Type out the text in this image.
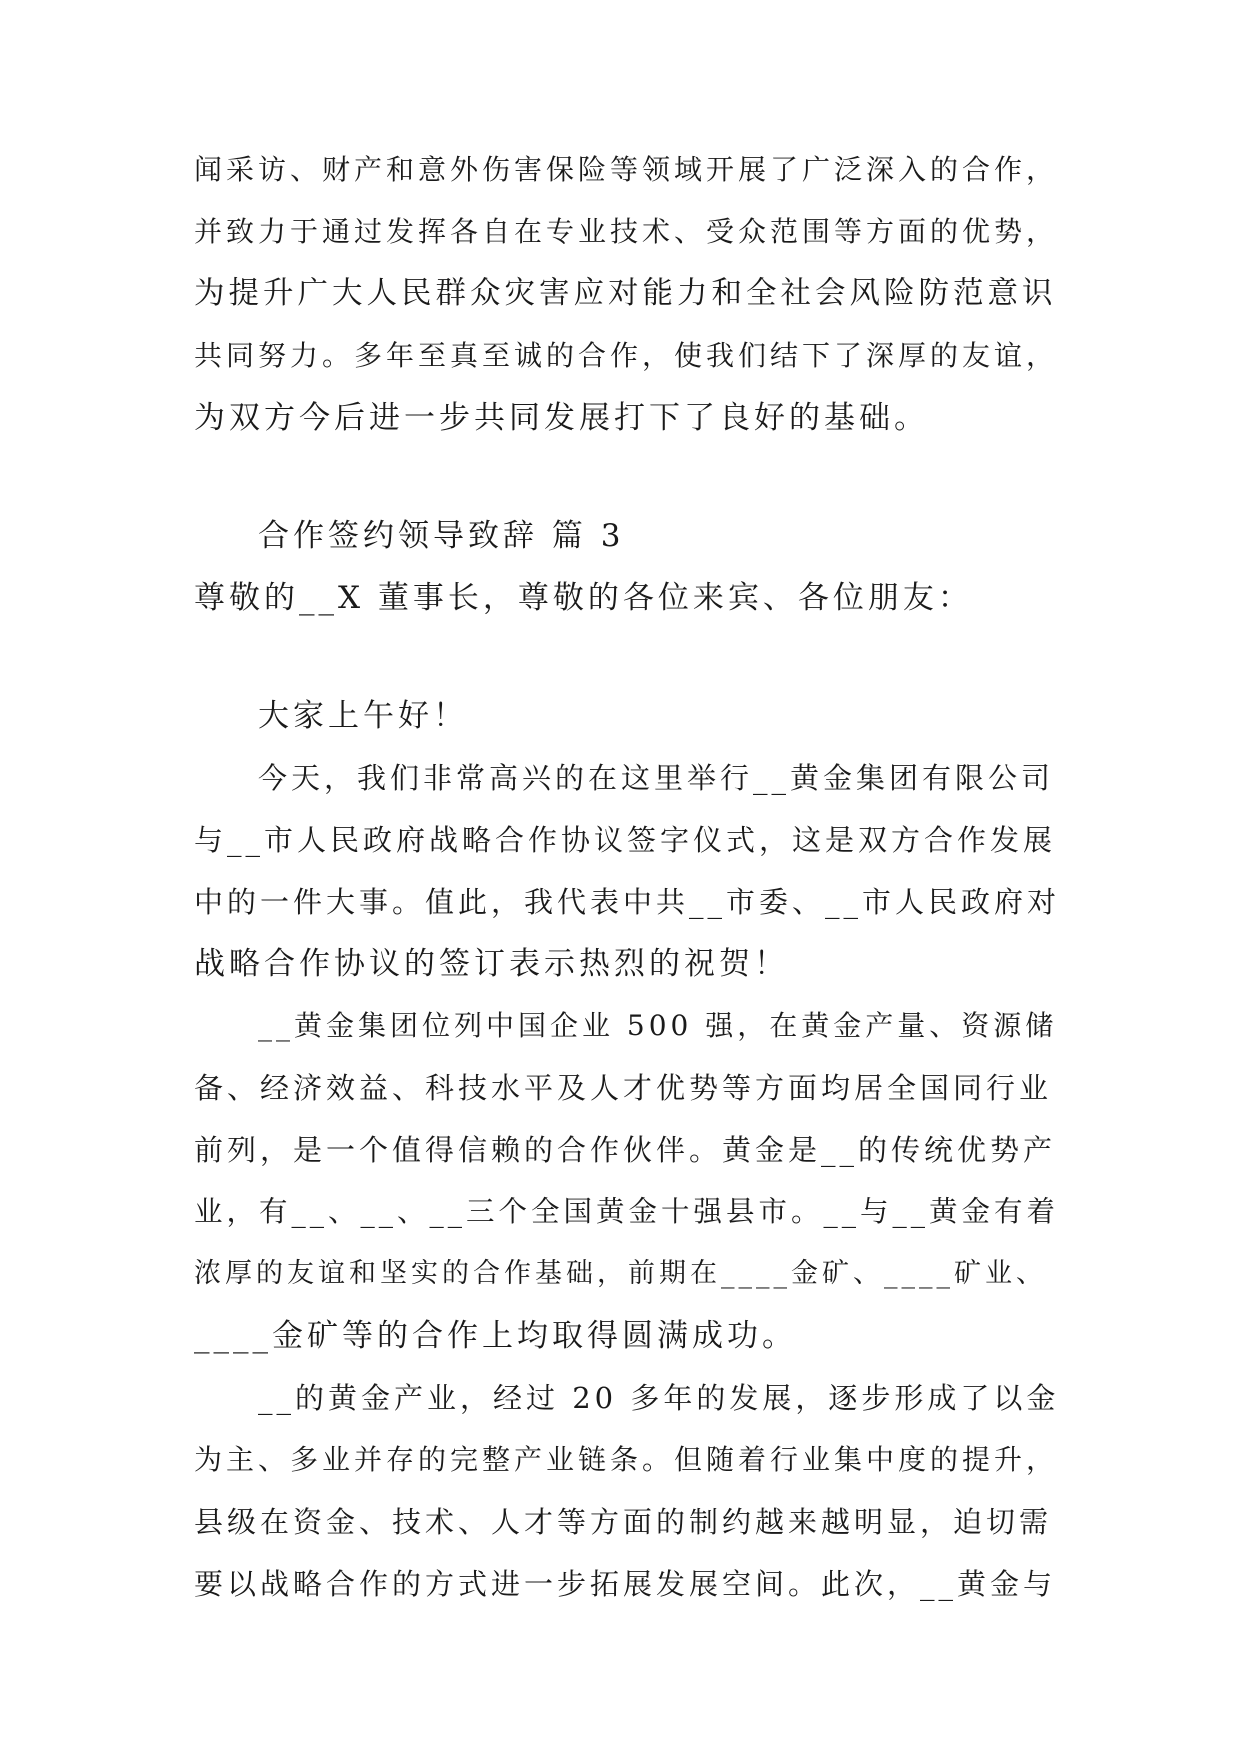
闻采访、财产和意外伤害保险等领域开展了广泛深入的合作，
并致力于通过发挥各自在专业技术、受众范围等方面的优势，
为提升广大人民群众灾害应对能力和全社会风险防范意识
共同努力。多年至真至诚的合作，使我们结下了深厚的友谊，
为双方今后进一步共同发展打下了良好的基础。
合作签约领导致辞 篇 3
尊敬的__X 董事长，尊敬的各位来宾、各位朋友：
大家上午好！
今天，我们非常高兴的在这里举行__黄金集团有限公司
与__市人民政府战略合作协议签字仪式，这是双方合作发展
中的一件大事。值此，我代表中共__市委、__市人民政府对
战略合作协议的签订表示热烈的祝贺！
__黄金集团位列中国企业 500 强，在黄金产量、资源储
备、经济效益、科技水平及人才优势等方面均居全国同行业
前列，是一个值得信赖的合作伙伴。黄金是__的传统优势产
业，有__、__、__三个全国黄金十强县市。__与__黄金有着
浓厚的友谊和坚实的合作基础，前期在____金矿、____矿业、
____金矿等的合作上均取得圆满成功。
__的黄金产业，经过 20 多年的发展，逐步形成了以金
为主、多业并存的完整产业链条。但随着行业集中度的提升，
县级在资金、技术、人才等方面的制约越来越明显，迫切需
要以战略合作的方式进一步拓展发展空间。此次，__黄金与
